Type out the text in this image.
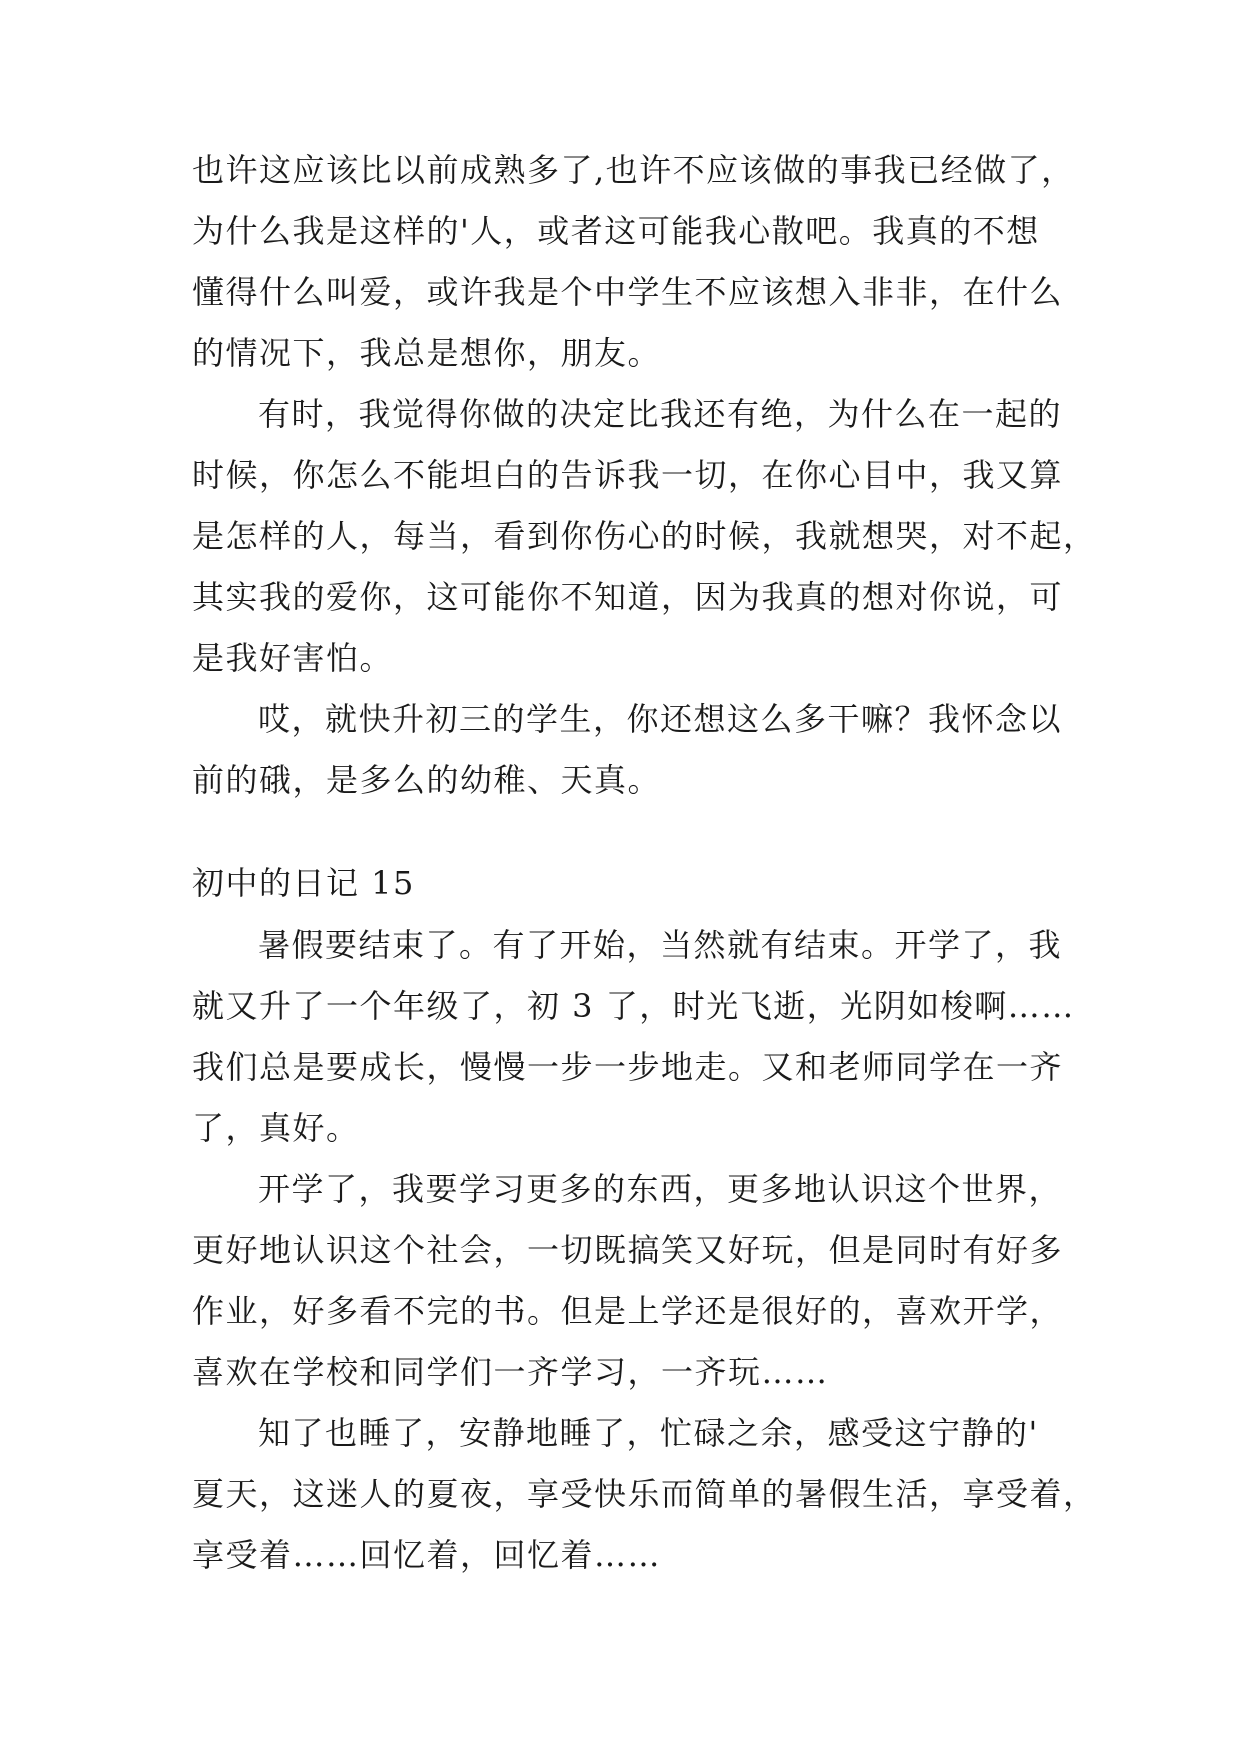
也许这应该比以前成熟多了,也许不应该做的事我已经做了，
为什么我是这样的'人，或者这可能我心散吧。我真的不想
懂得什么叫爱，或许我是个中学生不应该想入非非，在什么
的情况下，我总是想你，朋友。
有时，我觉得你做的决定比我还有绝，为什么在一起的
时候，你怎么不能坦白的告诉我一切，在你心目中，我又算
是怎样的人，每当，看到你伤心的时候，我就想哭，对不起，
其实我的爱你，这可能你不知道，因为我真的想对你说，可
是我好害怕。
哎，就快升初三的学生，你还想这么多干嘛？我怀念以
前的硪，是多么的幼稚、天真。
初中的日记 15
暑假要结束了。有了开始，当然就有结束。开学了，我
就又升了一个年级了，初 3 了，时光飞逝，光阴如梭啊……
我们总是要成长，慢慢一步一步地走。又和老师同学在一齐
了，真好。
开学了，我要学习更多的东西，更多地认识这个世界，
更好地认识这个社会，一切既搞笑又好玩，但是同时有好多
作业，好多看不完的书。但是上学还是很好的，喜欢开学，
喜欢在学校和同学们一齐学习，一齐玩……
知了也睡了，安静地睡了，忙碌之余，感受这宁静的'
夏天，这迷人的夏夜，享受快乐而简单的暑假生活，享受着，
享受着……回忆着，回忆着……
